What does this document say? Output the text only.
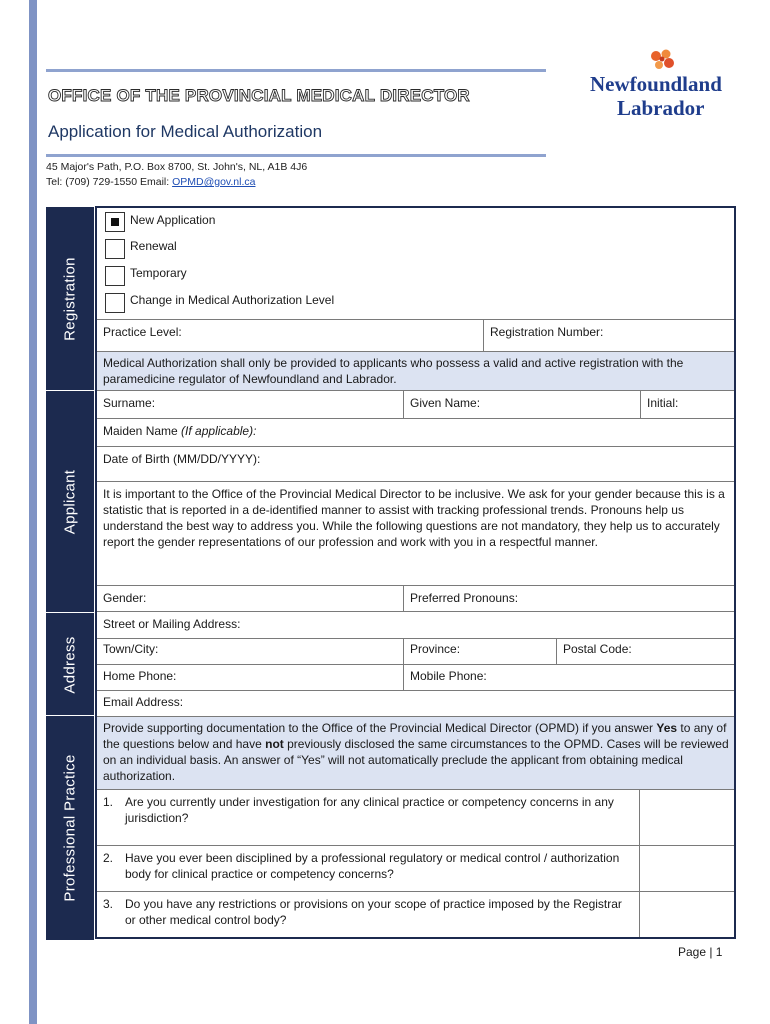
OFFICE OF THE PROVINCIAL MEDICAL DIRECTOR
Application for Medical Authorization
45 Major's Path, P.O. Box 8700, St. John's, NL, A1B 4J6
Tel: (709) 729-1550 Email: OPMD@gov.nl.ca
Newfoundland
Labrador
Registration
Applicant
Address
Professional Practice
New Application
Renewal
Temporary
Change in Medical Authorization Level
Practice Level:	Registration Number:
Medical Authorization shall only be provided to applicants who possess a valid and active registration with the paramedicine regulator of Newfoundland and Labrador.
Surname:	Given Name:	Initial:
Maiden Name (If applicable):
Date of Birth (MM/DD/YYYY):
It is important to the Office of the Provincial Medical Director to be inclusive. We ask for your gender because this is a statistic that is reported in a de-identified manner to assist with tracking professional trends. Pronouns help us understand the best way to address you. While the following questions are not mandatory, they help us to accurately report the gender representations of our profession and work with you in a respectful manner.
Gender:	Preferred Pronouns:
Street or Mailing Address:
Town/City:	Province:	Postal Code:
Home Phone:	Mobile Phone:
Email Address:
Provide supporting documentation to the Office of the Provincial Medical Director (OPMD) if you answer Yes to any of the questions below and have not previously disclosed the same circumstances to the OPMD. Cases will be reviewed on an individual basis. An answer of “Yes” will not automatically preclude the applicant from obtaining medical authorization.
1. Are you currently under investigation for any clinical practice or competency concerns in any jurisdiction?
2. Have you ever been disciplined by a professional regulatory or medical control / authorization body for clinical practice or competency concerns?
3. Do you have any restrictions or provisions on your scope of practice imposed by the Registrar or other medical control body?
Page | 1
